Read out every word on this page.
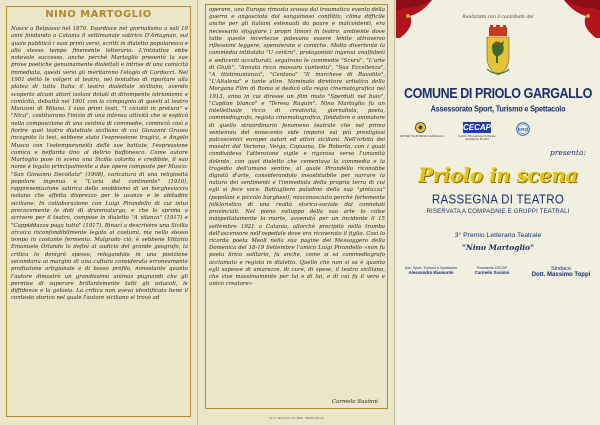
NINO MARTOGLIO
Nasce a Belpasso nel 1870. Esordisce nel giornalismo a soli 19 anni fondando a Catania il settimanale satirico D'Artagnan, sul quale pubblicò i suoi primi versi, scritti in dialetto popolaresco e allo stesso tempo finemente letterario. L'iniziativa ebbe notevole successo, anche perché Martoglio presentò la sue prove poetiche genuinamente dialettali e intrise di una comicità immediata, questi versi gli meritarono l'elogio di Carducci. Nel 1901 dettò le volgeri al teatro, nel tentativo di riportare alla platea di tutta Italia il teatro dialettale siciliano, avendo scoperto alcuni attori isolani dotati di dirompente istrionismo e comicità, debuttò nel 1901 con la compagnia di questi al teatro Manzoni di Milano. I suoi primi testi, "I ciciotti in pretura" e "Nica", costituirono l'inizio di una intensa attività che si esplicò nella composizione di una ventina di commedie, cominciò così a fiorire quel teatro dialettale siciliano di cui Giovanni Grasso incognito la tesi, sebbene stato l'espressione tragica, e Angelo Musco con l'estemporaneità delle sue battute, l'espressione comica e beffarda tino al delirio buffonesco. Come autore Martoglio pose in scena una Sicilia colorita e credibile, il suo nome è legato principalmente a due opere composte per Musco: "San Giovanni Decollato" (1908), caricatura di una religiosità popolare ingenua e "L'aria del continente" (1910), rappresentazione satirica dello snobbismo di un borghesuccio isolano che affetta disprezzo per le usanze e le abitudini siciliane. In collaborazione con Luigi Pirandello di cui intuì precocemente le doti di drammaturgo, e che lo sprona a scrivere per il teatro, compose in dialetto "A vilanza" (1917) e "Cappiddazzu paga tuttu" (1917). Rinacì a descrivere una Sicilia arcaica inconfondibilmente legata ai costumi, ma nello stesso tempo in costante fermento. Malgrado ciò, è sebbene Vittorio Emanuele Orlando lo definì al sudicio del grande geografo, la critica lo denigrò spesso, relegandolo in una posizione secondaria ai margini di una cultura considerata erroneamente produzione artigianale e di basso profilo, nonostante quanto l'autore dimostrò un grandissimo animus pugnandi che gli permise di superare brillantemente tutti gli ostacoli, le diffidenze e la gelosia. La critica non aveva identificato bene il contesto storico nel quale l'autore siciliano si trovò ad
operare, una Europa rimasta scossa dal traumatico evento della guerra e angosciata dal sanguinoso conflitto, clima difficile anche per gli italiani estenuati da paure e malcontenti, era necessario sfoggiare i propri timori in teatro, ambiente dove tutte queste incertezze potevano essere lenite attraverso riflessioni leggere, spensierate e comiche. Molto divertente la commedia intitolata "U centru", protagonisti ingenui analfabeti e sedicenti acculturati, seguirono le commedie "Scuru", "L'arte di Giufà", "Annata ricca massaru cuntentu", "Sua Eccellenza", "A ttistimunianza", "Centona" "Il marchese di Ruvolito", "L'Altalena" e tante altre. Nominato direttore artistico della Morgana Film di Roma si dedicò alla regia cinematografica nel 1913, anno in cui diresse un film muto "Sperduti nel buio", "Capitan blanco" e "Teresa Raquin". Nino Martoglio fu un intellettuale ricco di creatività, giornalista, poeta, commediografo, regista cinematografico, fondatore e animatore di quello straordinario fenomeno teatrale che nel primo ventennio del novecento vide imporsi sui più prestigiosi palcoscenici europei autori ed attori siciliani. Nell'orbita dei maestri del Verismo, Verga, Capuana, De Roberto, con i quali condivideva l'attenzione vigile e rigorosa verso l'umanità dolente, con quel dialetto che cementava la commedia e la tragedia dell'umano sentire, al quale Pirandello riconobbe dignità d'arte, considerandolo insostituibile per narrare la natura dei sentimenti e l'immediata della propria terra di cui egli si fece voce. Battagliero paladino della sua "gintuzza" (popolani e piccolo borghesi), misconosciuto perchè fortemente folkloristico di una realtà storico-sociale dai connotati provinciali. Nel pieno sviluppo della sua arte lo colse inaspettatamente la morte, avvenuta per un incidente il 15 settembre 1921 a Catania, allorchè precipitò nella tromba dell'ascensore nell'ospedale dove era ricoverato il figlio. Così lo ricorda poeta Meoli nella sua pagine del Messaggero della Domenica del 18-19 Settembre l'amico Luigi Pirandello «non fu poeta lirico solitario, fu anche, come si sa commediografo acclamato e regista in dialetto. Quello che non si sa è quanto egli sapesse di amarezze, di cure, di spese, il teatro siciliano, che vive massimamente per lui e di lui, e di cui fu il vero e unico creatore»
Carmelo Susinni
Tip. C. Tamburino Via 1860 - PRIOLO (Priolo)
Realizzato con il contributo del
COMUNE DI PRIOLO GARGALLO
Assessorato Sport, Turismo e Spettacolo
ROTARY CLUB PRIOLO GARGALLO
CECAP
Centro Educazione Culturale Assistenza Privata
ERG
presenta:
Priolo in scena
RASSEGNA DI TEATRO
RISERVATA A COMPAGNIE E GRUPPI TEATRALI
3° Premio Letterario Teatrale
"Nino Martoglio"
Ass. Sport, Turismo e Spettacolo
Alessandro Biamonte
Presidente CECAP
Carmelo Susinni
Sindaco
Dott. Massimo Toppi
